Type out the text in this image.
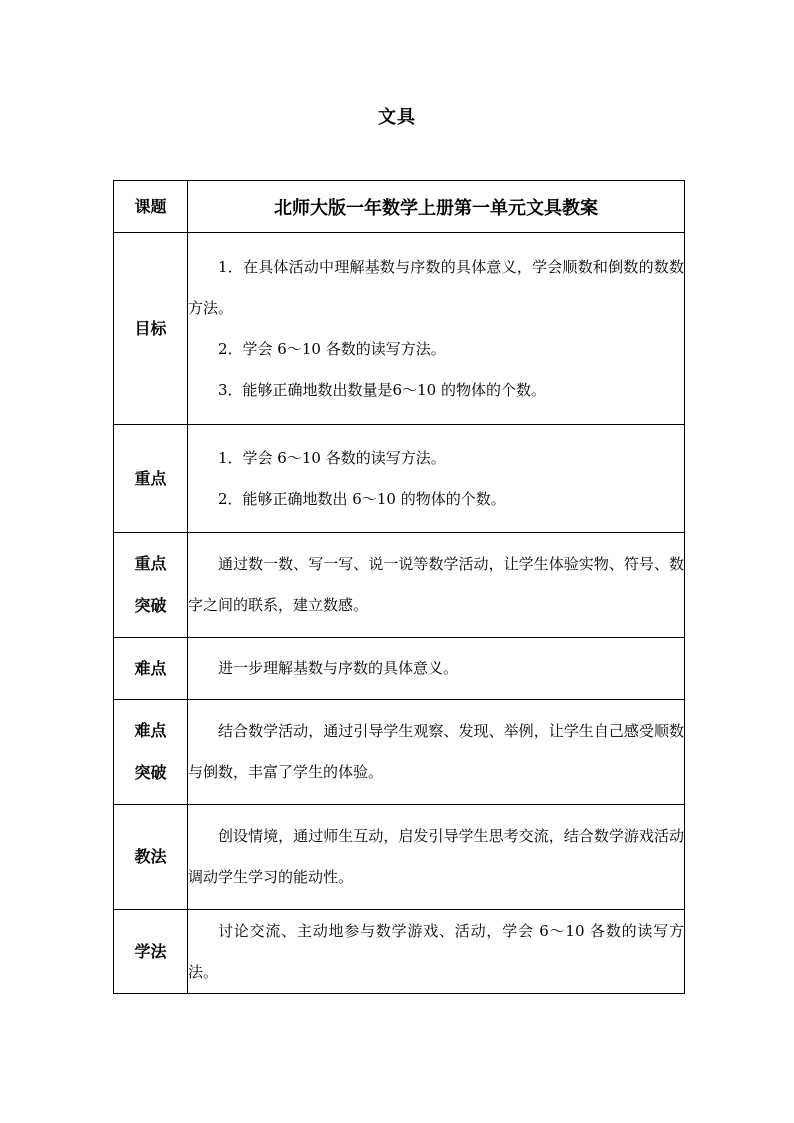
文具
课题	北师大版一年数学上册第一单元文具教案

目标	1．在具体活动中理解基数与序数的具体意义，学会顺数和倒数的数数方法。

2．学会 6～10 各数的读写方法。

3．能够正确地数出数量是6～10 的物体的个数。

重点	1．学会 6～10 各数的读写方法。

2．能够正确地数出 6～10 的物体的个数。

重点
突破	通过数一数、写一写、说一说等数学活动，让学生体验实物、符号、数字之间的联系，建立数感。

难点	进一步理解基数与序数的具体意义。

难点
突破	结合数学活动，通过引导学生观察、发现、举例，让学生自己感受顺数与倒数，丰富了学生的体验。

教法	创设情境，通过师生互动，启发引导学生思考交流，结合数学游戏活动调动学生学习的能动性。

学法	讨论交流、主动地参与数学游戏、活动，学会 6～10 各数的读写方法。
